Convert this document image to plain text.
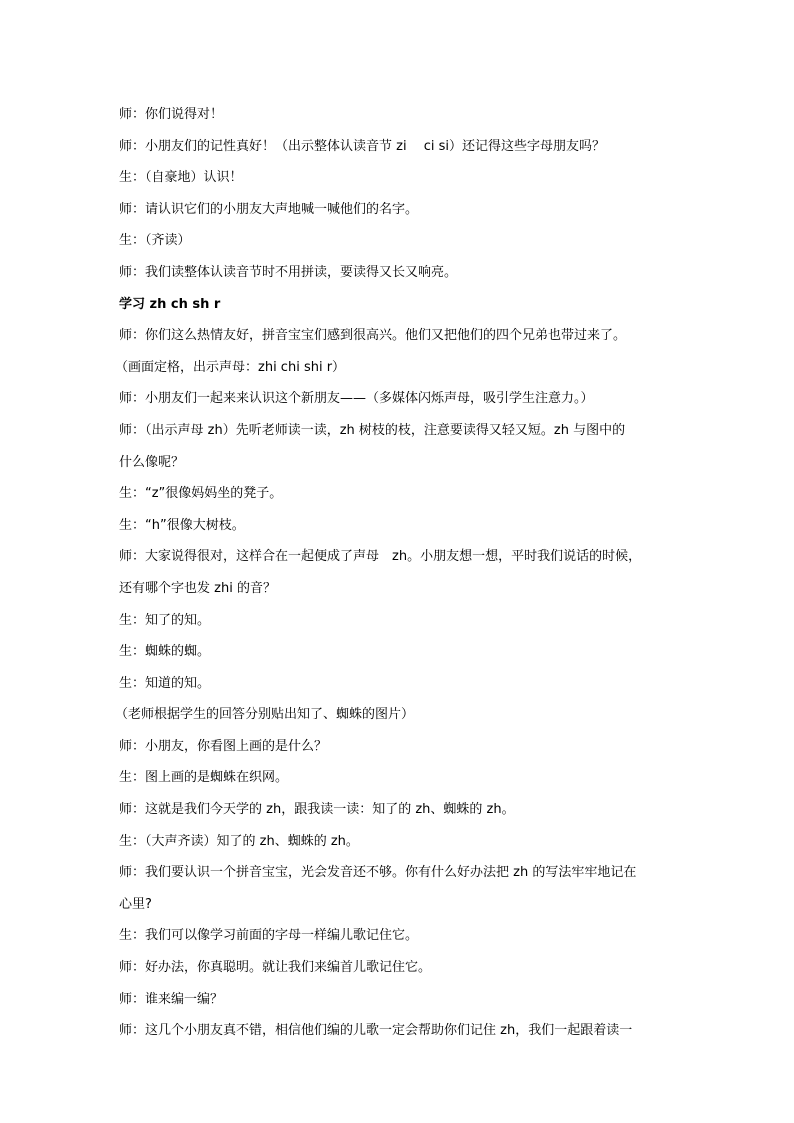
师：你们说得对！

师：小朋友们的记性真好！（出示整体认读音节 zi　 ci si）还记得这些字母朋友吗？

生：（自豪地）认识！

师：请认识它们的小朋友大声地喊一喊他们的名字。

生：（齐读）

师：我们读整体认读音节时不用拼读，要读得又长又响亮。

学习 zh ch sh r

师：你们这么热情友好，拼音宝宝们感到很高兴。他们又把他们的四个兄弟也带过来了。

（画面定格，出示声母：zhi chi shi r）

师：小朋友们一起来来认识这个新朋友——（多媒体闪烁声母，吸引学生注意力。）

师：（出示声母 zh）先听老师读一读，zh 树枝的枝，注意要读得又轻又短。zh 与图中的

什么像呢？

生：“z”很像妈妈坐的凳子。

生：“h”很像大树枝。

师：大家说得很对，这样合在一起便成了声母　zh。小朋友想一想，平时我们说话的时候，

还有哪个字也发 zhi 的音？

生：知了的知。

生：蜘蛛的蜘。

生：知道的知。

（老师根据学生的回答分别贴出知了、蜘蛛的图片）

师：小朋友，你看图上画的是什么？

生：图上画的是蜘蛛在织网。

师：这就是我们今天学的 zh，跟我读一读：知了的 zh、蜘蛛的 zh。

生：（大声齐读）知了的 zh、蜘蛛的 zh。

师：我们要认识一个拼音宝宝，光会发音还不够。你有什么好办法把 zh 的写法牢牢地记在

心里?

生：我们可以像学习前面的字母一样编儿歌记住它。

师：好办法，你真聪明。就让我们来编首儿歌记住它。

师：谁来编一编？

师：这几个小朋友真不错，相信他们编的儿歌一定会帮助你们记住 zh，我们一起跟着读一
